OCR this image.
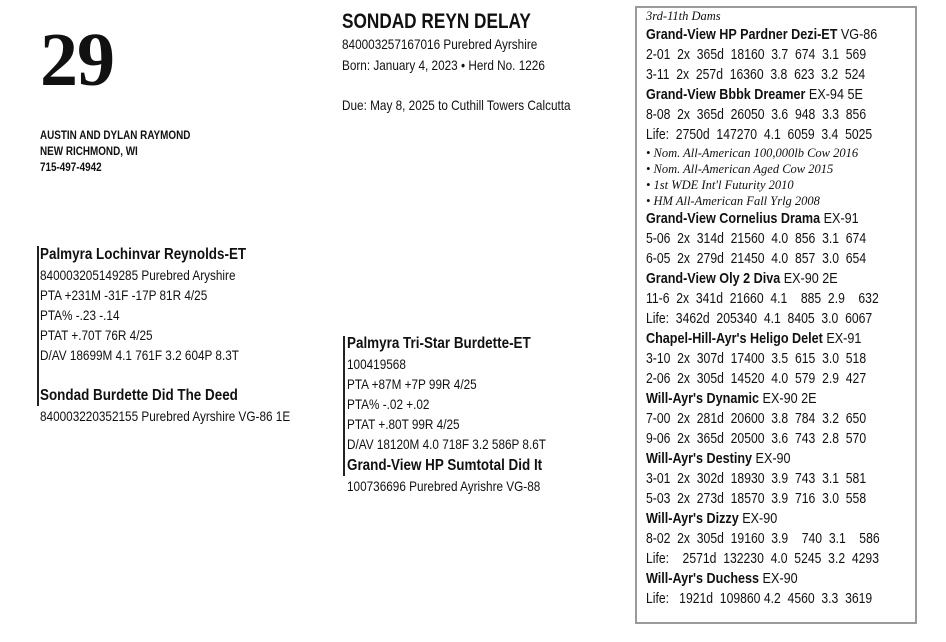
29
AUSTIN AND DYLAN RAYMOND
NEW RICHMOND, WI
715-497-4942
SONDAD REYN DELAY
840003257167016 Purebred Ayrshire
Born: January 4, 2023 • Herd No. 1226
Due: May 8, 2025 to Cuthill Towers Calcutta
Palmyra Lochinvar Reynolds-ET
840003205149285 Purebred Aryshire
PTA +231M -31F -17P 81R 4/25
PTA% -.23 -.14
PTAT +.70T 76R 4/25
D/AV 18699M 4.1 761F 3.2 604P 8.3T
Sondad Burdette Did The Deed
840003220352155 Purebred Ayrshire VG-86 1E
Palmyra Tri-Star Burdette-ET
100419568
PTA +87M +7P 99R 4/25
PTA% -.02 +.02
PTAT +.80T 99R 4/25
D/AV 18120M 4.0 718F 3.2 586P 8.6T
Grand-View HP Sumtotal Did It
100736696 Purebred Ayrishre VG-88
3rd-11th Dams
Grand-View HP Pardner Dezi-ET VG-86
2-01  2x  365d  18160  3.7  674  3.1  569
3-11  2x  257d  16360  3.8  623  3.2  524
Grand-View Bbbk Dreamer EX-94 5E
8-08  2x  365d  26050  3.6  948  3.3  856
Life:  2750d  147270  4.1  6059  3.4  5025
• Nom. All-American 100,000lb Cow 2016
• Nom. All-American Aged Cow 2015
• 1st WDE Int'l Futurity 2010
• HM All-American Fall Yrlg 2008
Grand-View Cornelius Drama EX-91
5-06  2x  314d  21560  4.0  856  3.1  674
6-05  2x  279d  21450  4.0  857  3.0  654
Grand-View Oly 2 Diva EX-90 2E
11-6  2x  341d  21660  4.1    885  2.9    632
Life:  3462d  205340  4.1  8405  3.0  6067
Chapel-Hill-Ayr's Heligo Delet EX-91
3-10  2x  307d  17400  3.5  615  3.0  518
2-06  2x  305d  14520  4.0  579  2.9  427
Will-Ayr's Dynamic EX-90 2E
7-00  2x  281d  20600  3.8  784  3.2  650
9-06  2x  365d  20500  3.6  743  2.8  570
Will-Ayr's Destiny EX-90
3-01  2x  302d  18930  3.9  743  3.1  581
5-03  2x  273d  18570  3.9  716  3.0  558
Will-Ayr's Dizzy EX-90
8-02  2x  305d  19160  3.9    740  3.1    586
Life:    2571d  132230  4.0  5245  3.2  4293
Will-Ayr's Duchess EX-90
Life:   1921d  109860 4.2  4560  3.3  3619
